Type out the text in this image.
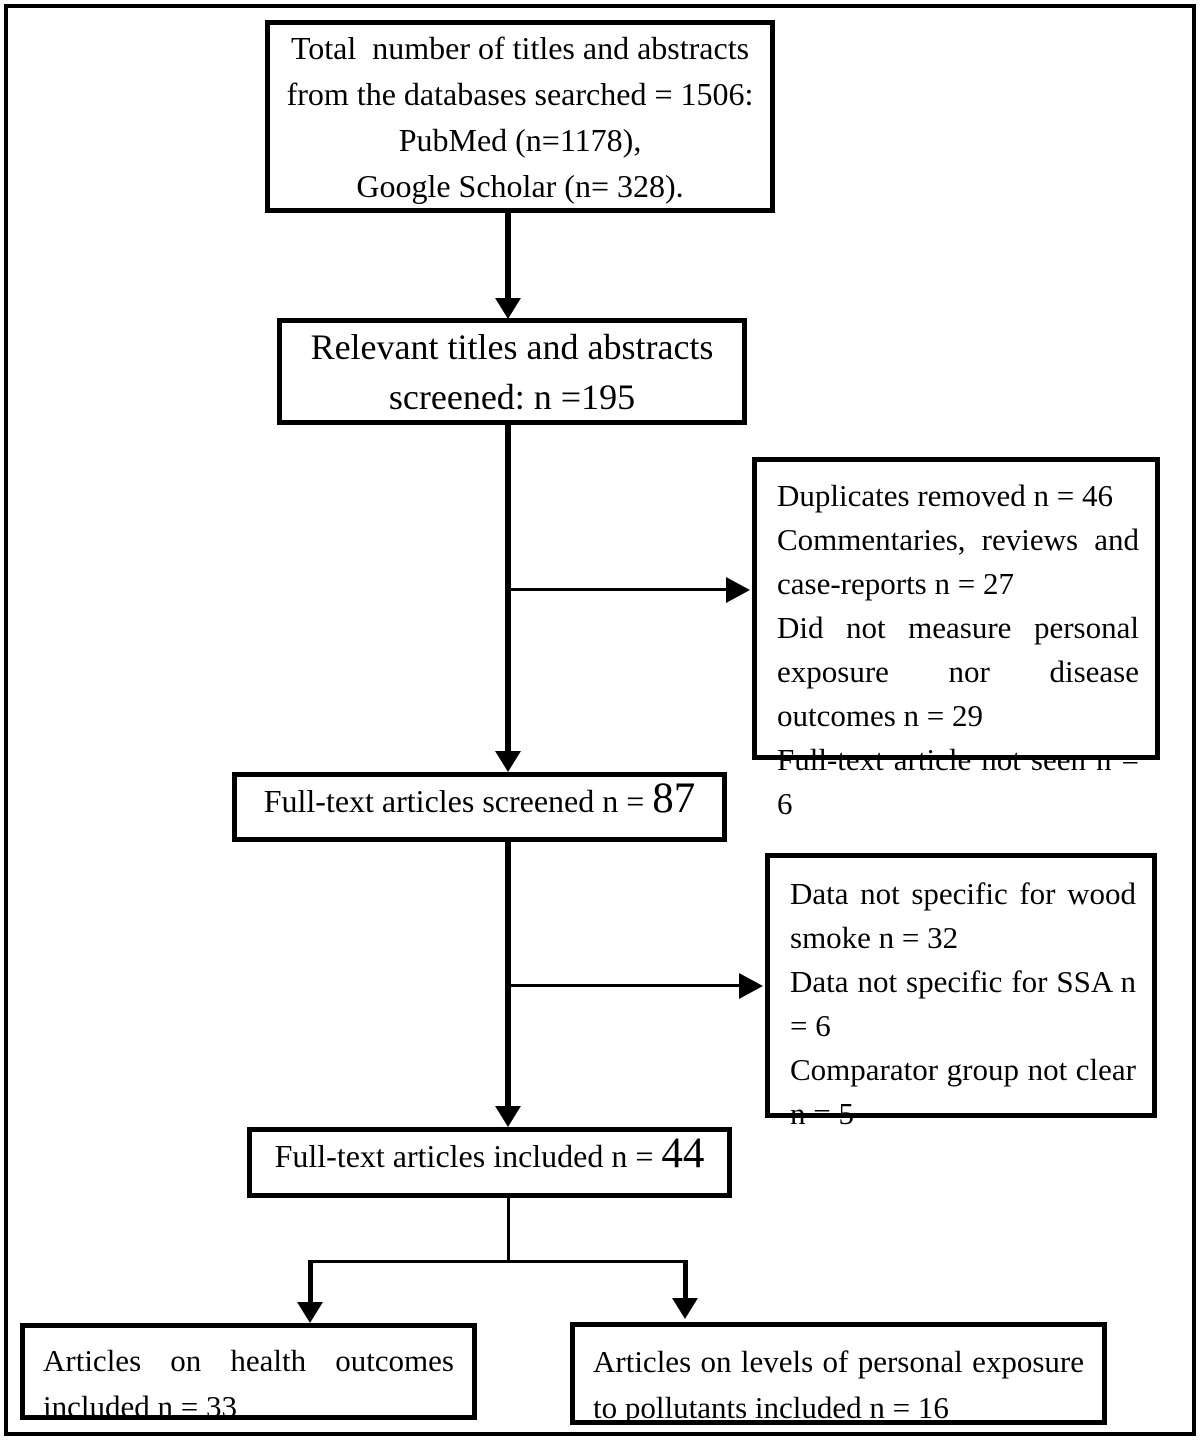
Total  number of titles and abstracts
from the databases searched = 1506:
PubMed (n=1178),
Google Scholar (n= 328).
Relevant titles and abstracts
screened: n =195
Duplicates removed n = 46
Commentaries, reviews and case-reports n = 27
Did not measure personal exposure nor disease outcomes n = 29
Full-text article not seen n = 6
Full-text articles screened n = 87
Data not specific for wood smoke n = 32
Data not specific for SSA n = 6
Comparator group not clear n = 5
Full-text articles included n = 44
Articles on health outcomes included n = 33
Articles on levels of personal exposure to pollutants included n = 16
